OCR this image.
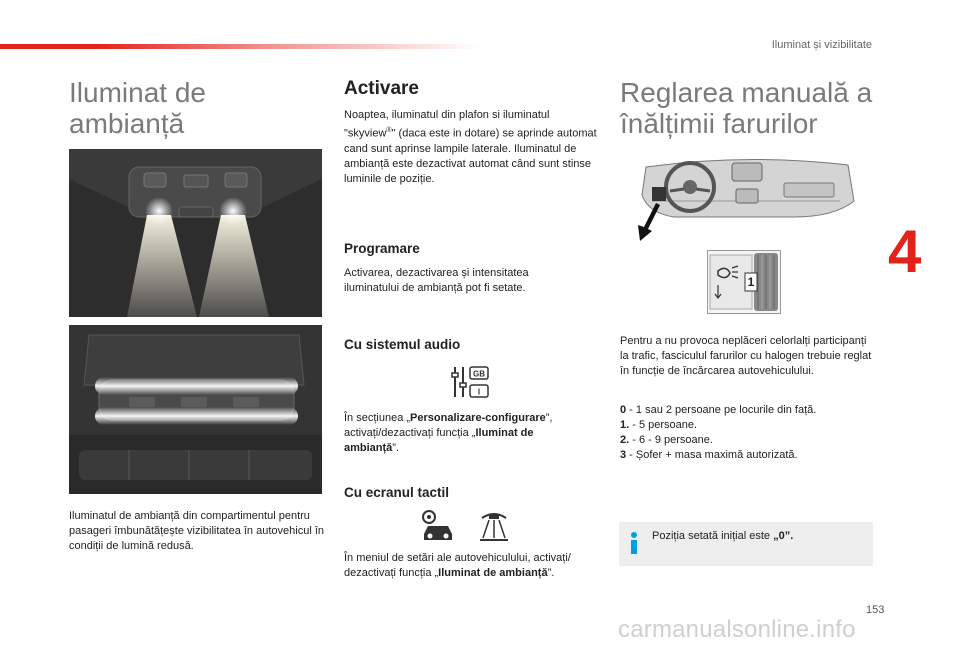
Iluminat și vizibilitate
4
Iluminat de
ambianță
Iluminatul de ambianță din compartimentul pentru pasageri îmbunătățește vizibilitatea în autovehicul în condiții de lumină redusă.
Activare
Noaptea, iluminatul din plafon si iluminatul "skyview®" (daca este in dotare) se aprinde automat cand sunt aprinse lampile laterale. Iluminatul de ambianță este dezactivat automat când sunt stinse luminile de poziție.
Programare
Activarea, dezactivarea și intensitatea iluminatului de ambianță pot fi setate.
Cu sistemul audio
GB
I
În secțiunea „Personalizare-configurare”, activați/dezactivați funcția „Iluminat de ambianță”.
Cu ecranul tactil
În meniul de setări ale autovehiculului, activați/ dezactivați funcția „Iluminat de ambianță”.
Reglarea manuală a
înălțimii farurilor
1
Pentru a nu provoca neplăceri celorlalți participanți la trafic, fasciculul farurilor cu halogen trebuie reglat în funcție de încărcarea autovehiculului.
0 - 1 sau 2 persoane pe locurile din față.
1. - 5 persoane.
2. - 6 - 9 persoane.
3 - Șofer + masa maximă autorizată.
Poziția setată inițial este „0”.
153
carmanualsonline.info
